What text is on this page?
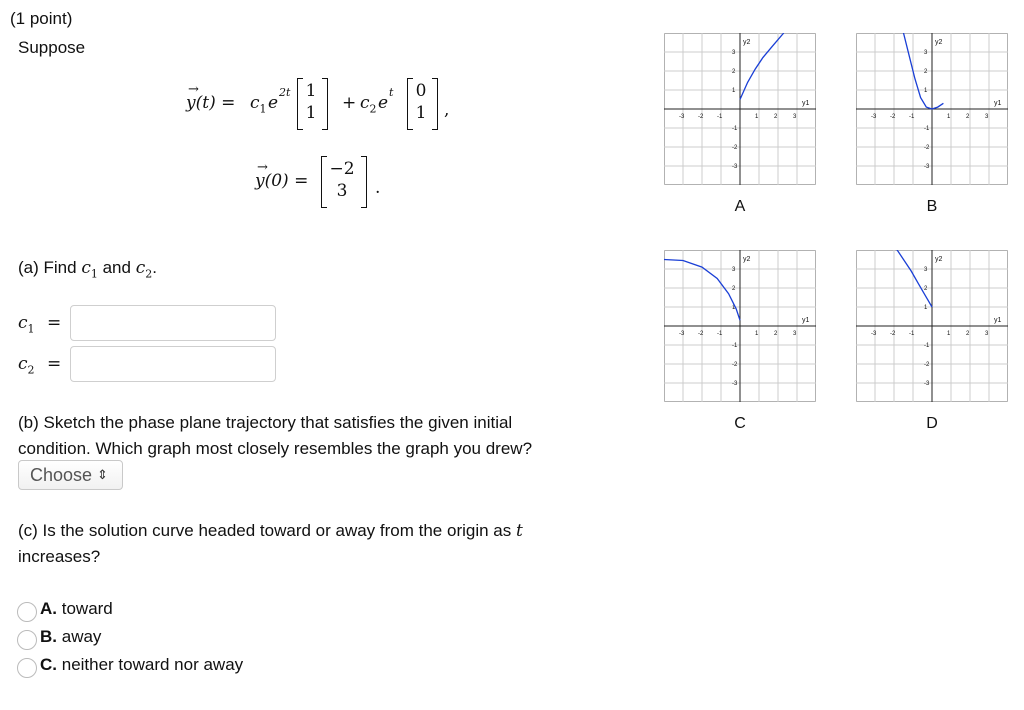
(1 point)
Suppose
→
$y(t) = c_1$ e
2t 1
$1 + c_2$ e
t 0
1 ,
→
y(0) =
−2
3	.
(a) Find $c_1$ and $c_2$.
$c_1$ =
$c_2$ =
(b) Sketch the phase plane trajectory that satisfies the given initial
condition. Which graph most closely resembles the graph you drew?
Choose ⇕
(c) Is the solution curve headed toward or away from the origin as t
increases?
A. toward
B. away
C. neither toward nor away
y2
y1
-3 -2 -1	1	2	3
3
2
1
-1
-2
-3
y2
y1
-3 -2 -1	1	2	3
3
2
1
-1
-2
-3
y2
y1
-3 -2 -1	1	2	3
3
2
1
-1
-2
-3
y2
y1
-3 -2 -1	1	2	3
3
2
1
-1
-2
-3
A	B
C	D
